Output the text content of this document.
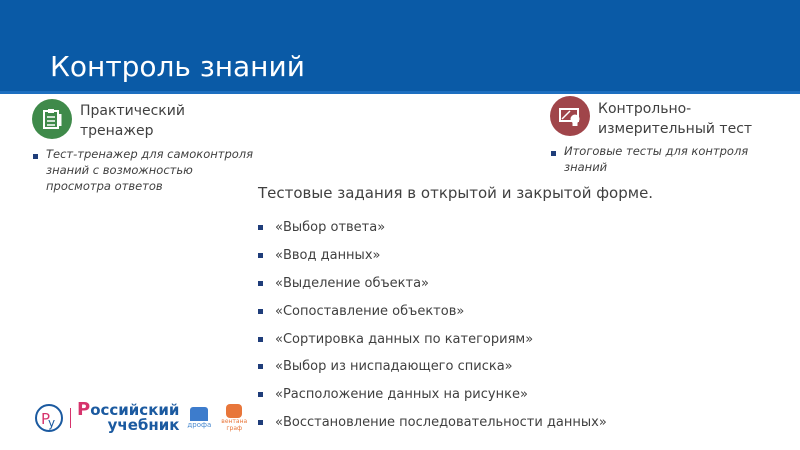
Контроль знаний
Практический
тренажер
Тест-тренажер для самоконтроля знаний с возможностью просмотра ответов
Контрольно-
измерительный тест
Итоговые тесты для контроля знаний
Тестовые задания в открытой и закрытой форме.
«Выбор ответа»
«Ввод данных»
«Выделение объекта»
«Сопоставление объектов»
«Сортировка данных по категориям»
«Выбор из ниспадающего списка»
«Расположение данных на рисунке»
«Восстановление последовательности данных»
P
y
Российский
учебник дрофа	вентана граф
